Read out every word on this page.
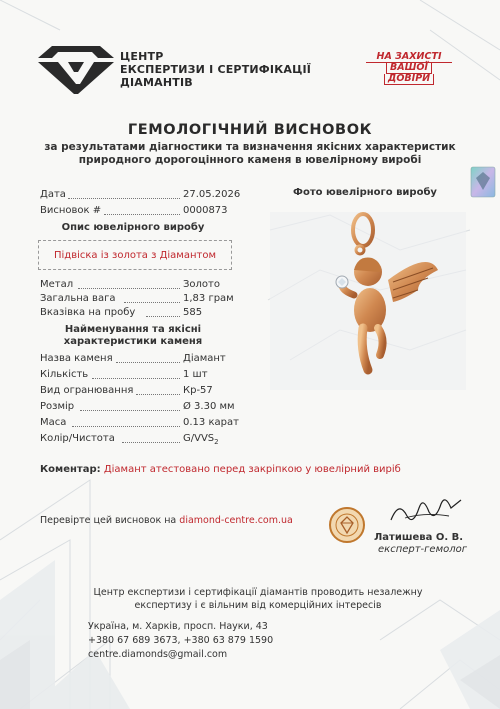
ЦЕНТР
ЕКСПЕРТИЗИ І СЕРТИФІКАЦІЇ
ДІАМАНТІВ
НА ЗАХИСТІ
ВАШОЇ
ДОВІРИ
ГЕМОЛОГІЧНИЙ ВИСНОВОК
за результатами діагностики та визначення якісних характеристик
природного дорогоцінного каменя в ювелірному виробі
Дата	27.05.2026
Висновок #	0000873
Опис ювелірного виробу
Підвіска із золота з Діамантом
Фото ювелірного виробу
Метал	Золото
Загальна вага	1,83 грам
Вказівка на пробу	585
Найменування та якісні
характеристики каменя
Назва каменя	Діамант
Кількість	1 шт
Вид огранювання	Кр-57
Розмір	Ø 3.30 мм
Маса	0.13 карат
Колір/Чистота	$G/VVS_2$
Коментар: Діамант атестовано перед закріпкою у ювелірний виріб
Перевірте цей висновок на diamond-centre.com.ua
Латишева О. В.
експерт-гемолог
Центр експертизи і сертифікації діамантів проводить незалежну
експертизу і є вільним від комерційних інтересів
Україна, м. Харків, просп. Науки, 43
+380 67 689 3673, +380 63 879 1590
centre.diamonds@gmail.com
